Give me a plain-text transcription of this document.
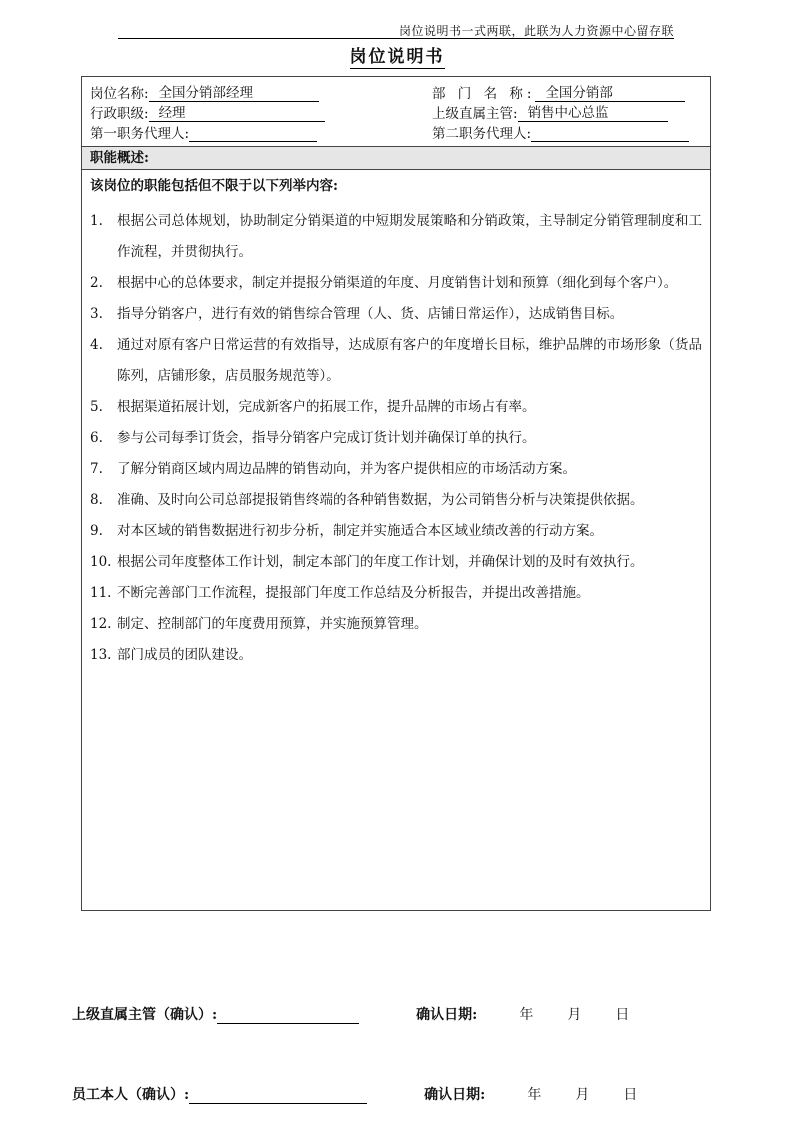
岗位说明书一式两联，此联为人力资源中心留存联
岗位说明书
岗位名称: 全国分销部经理	部 门 名 称: 全国分销部
行政职级: 经理	上级直属主管: 销售中心总监
第一职务代理人:	第二职务代理人:
职能概述:
该岗位的职能包括但不限于以下列举内容:
1.	根据公司总体规划，协助制定分销渠道的中短期发展策略和分销政策，主导制定分销管理制度和工作流程，并贯彻执行。
2.	根据中心的总体要求，制定并提报分销渠道的年度、月度销售计划和预算（细化到每个客户）。
3.	指导分销客户，进行有效的销售综合管理（人、货、店铺日常运作），达成销售目标。
4.	通过对原有客户日常运营的有效指导，达成原有客户的年度增长目标，维护品牌的市场形象（货品陈列，店铺形象，店员服务规范等）。
5.	根据渠道拓展计划，完成新客户的拓展工作，提升品牌的市场占有率。
6.	参与公司每季订货会，指导分销客户完成订货计划并确保订单的执行。
7.	了解分销商区域内周边品牌的销售动向，并为客户提供相应的市场活动方案。
8.	准确、及时向公司总部提报销售终端的各种销售数据，为公司销售分析与决策提供依据。
9.	对本区域的销售数据进行初步分析，制定并实施适合本区域业绩改善的行动方案。
10. 根据公司年度整体工作计划，制定本部门的年度工作计划，并确保计划的及时有效执行。
11. 不断完善部门工作流程，提报部门年度工作总结及分析报告，并提出改善措施。
12. 制定、控制部门的年度费用预算，并实施预算管理。
13. 部门成员的团队建设。
上级直属主管（确认）:	确认日期:	年 月 日
员工本人（确认）:	确认日期:	年 月 日
